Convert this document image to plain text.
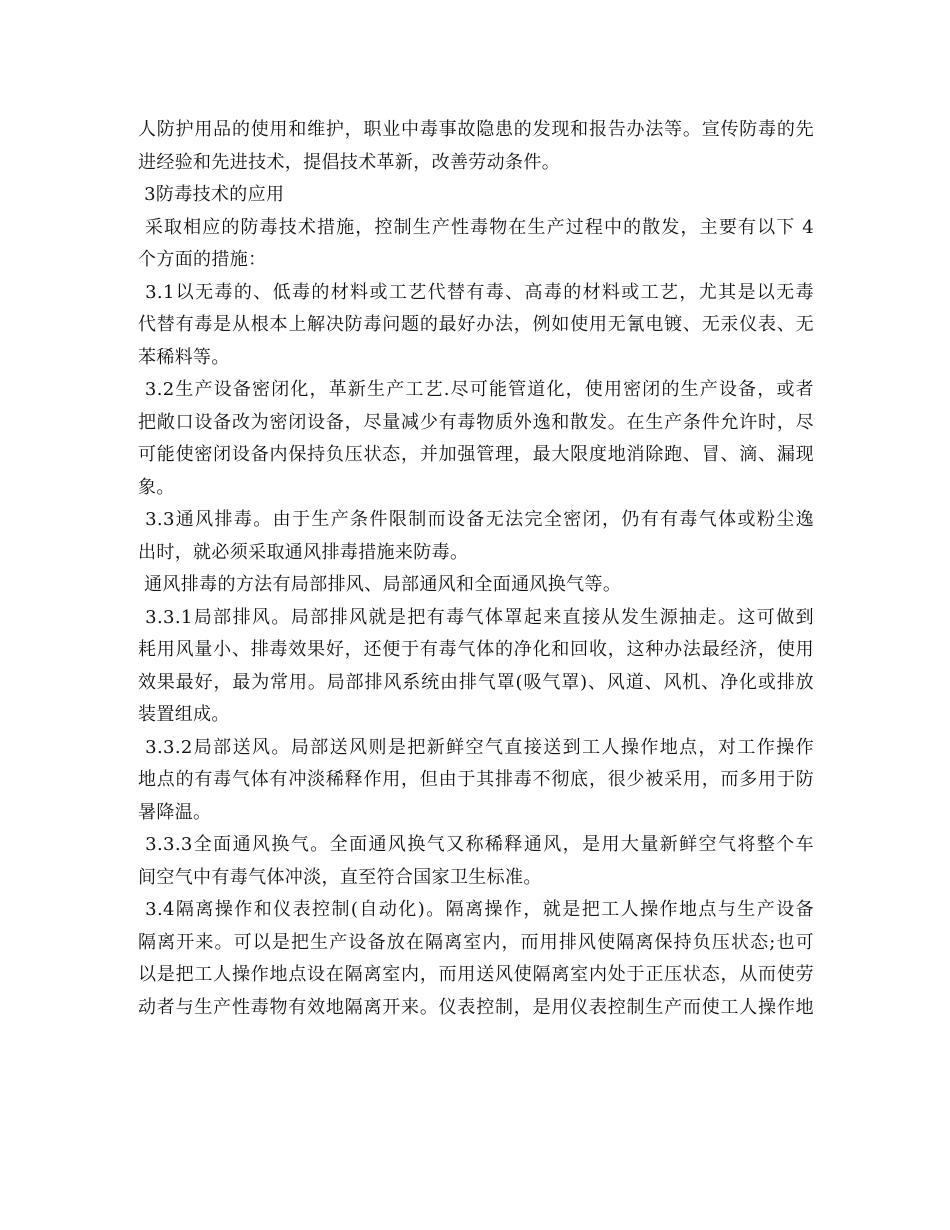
人防护用品的使用和维护，职业中毒事故隐患的发现和报告办法等。宣传防毒的先
进经验和先进技术，提倡技术革新，改善劳动条件。
3防毒技术的应用
采取相应的防毒技术措施，控制生产性毒物在生产过程中的散发，主要有以下 4
个方面的措施：
3.1以无毒的、低毒的材料或工艺代替有毒、高毒的材料或工艺，尤其是以无毒
代替有毒是从根本上解决防毒问题的最好办法，例如使用无氰电镀、无汞仪表、无
苯稀料等。
3.2生产设备密闭化，革新生产工艺.尽可能管道化，使用密闭的生产设备，或者
把敞口设备改为密闭设备，尽量减少有毒物质外逸和散发。在生产条件允许时，尽
可能使密闭设备内保持负压状态，并加强管理，最大限度地消除跑、冒、滴、漏现
象。
3.3通风排毒。由于生产条件限制而设备无法完全密闭，仍有有毒气体或粉尘逸
出时，就必须采取通风排毒措施来防毒。
通风排毒的方法有局部排风、局部通风和全面通风换气等。
3.3.1局部排风。局部排风就是把有毒气体罩起来直接从发生源抽走。这可做到
耗用风量小、排毒效果好，还便于有毒气体的净化和回收，这种办法最经济，使用
效果最好，最为常用。局部排风系统由排气罩(吸气罩)、风道、风机、净化或排放
装置组成。
3.3.2局部送风。局部送风则是把新鲜空气直接送到工人操作地点，对工作操作
地点的有毒气体有冲淡稀释作用，但由于其排毒不彻底，很少被采用，而多用于防
暑降温。
3.3.3全面通风换气。全面通风换气又称稀释通风，是用大量新鲜空气将整个车
间空气中有毒气体冲淡，直至符合国家卫生标准。
3.4隔离操作和仪表控制(自动化)。隔离操作，就是把工人操作地点与生产设备
隔离开来。可以是把生产设备放在隔离室内，而用排风使隔离保持负压状态;也可
以是把工人操作地点设在隔离室内，而用送风使隔离室内处于正压状态，从而使劳
动者与生产性毒物有效地隔离开来。仪表控制，是用仪表控制生产而使工人操作地
